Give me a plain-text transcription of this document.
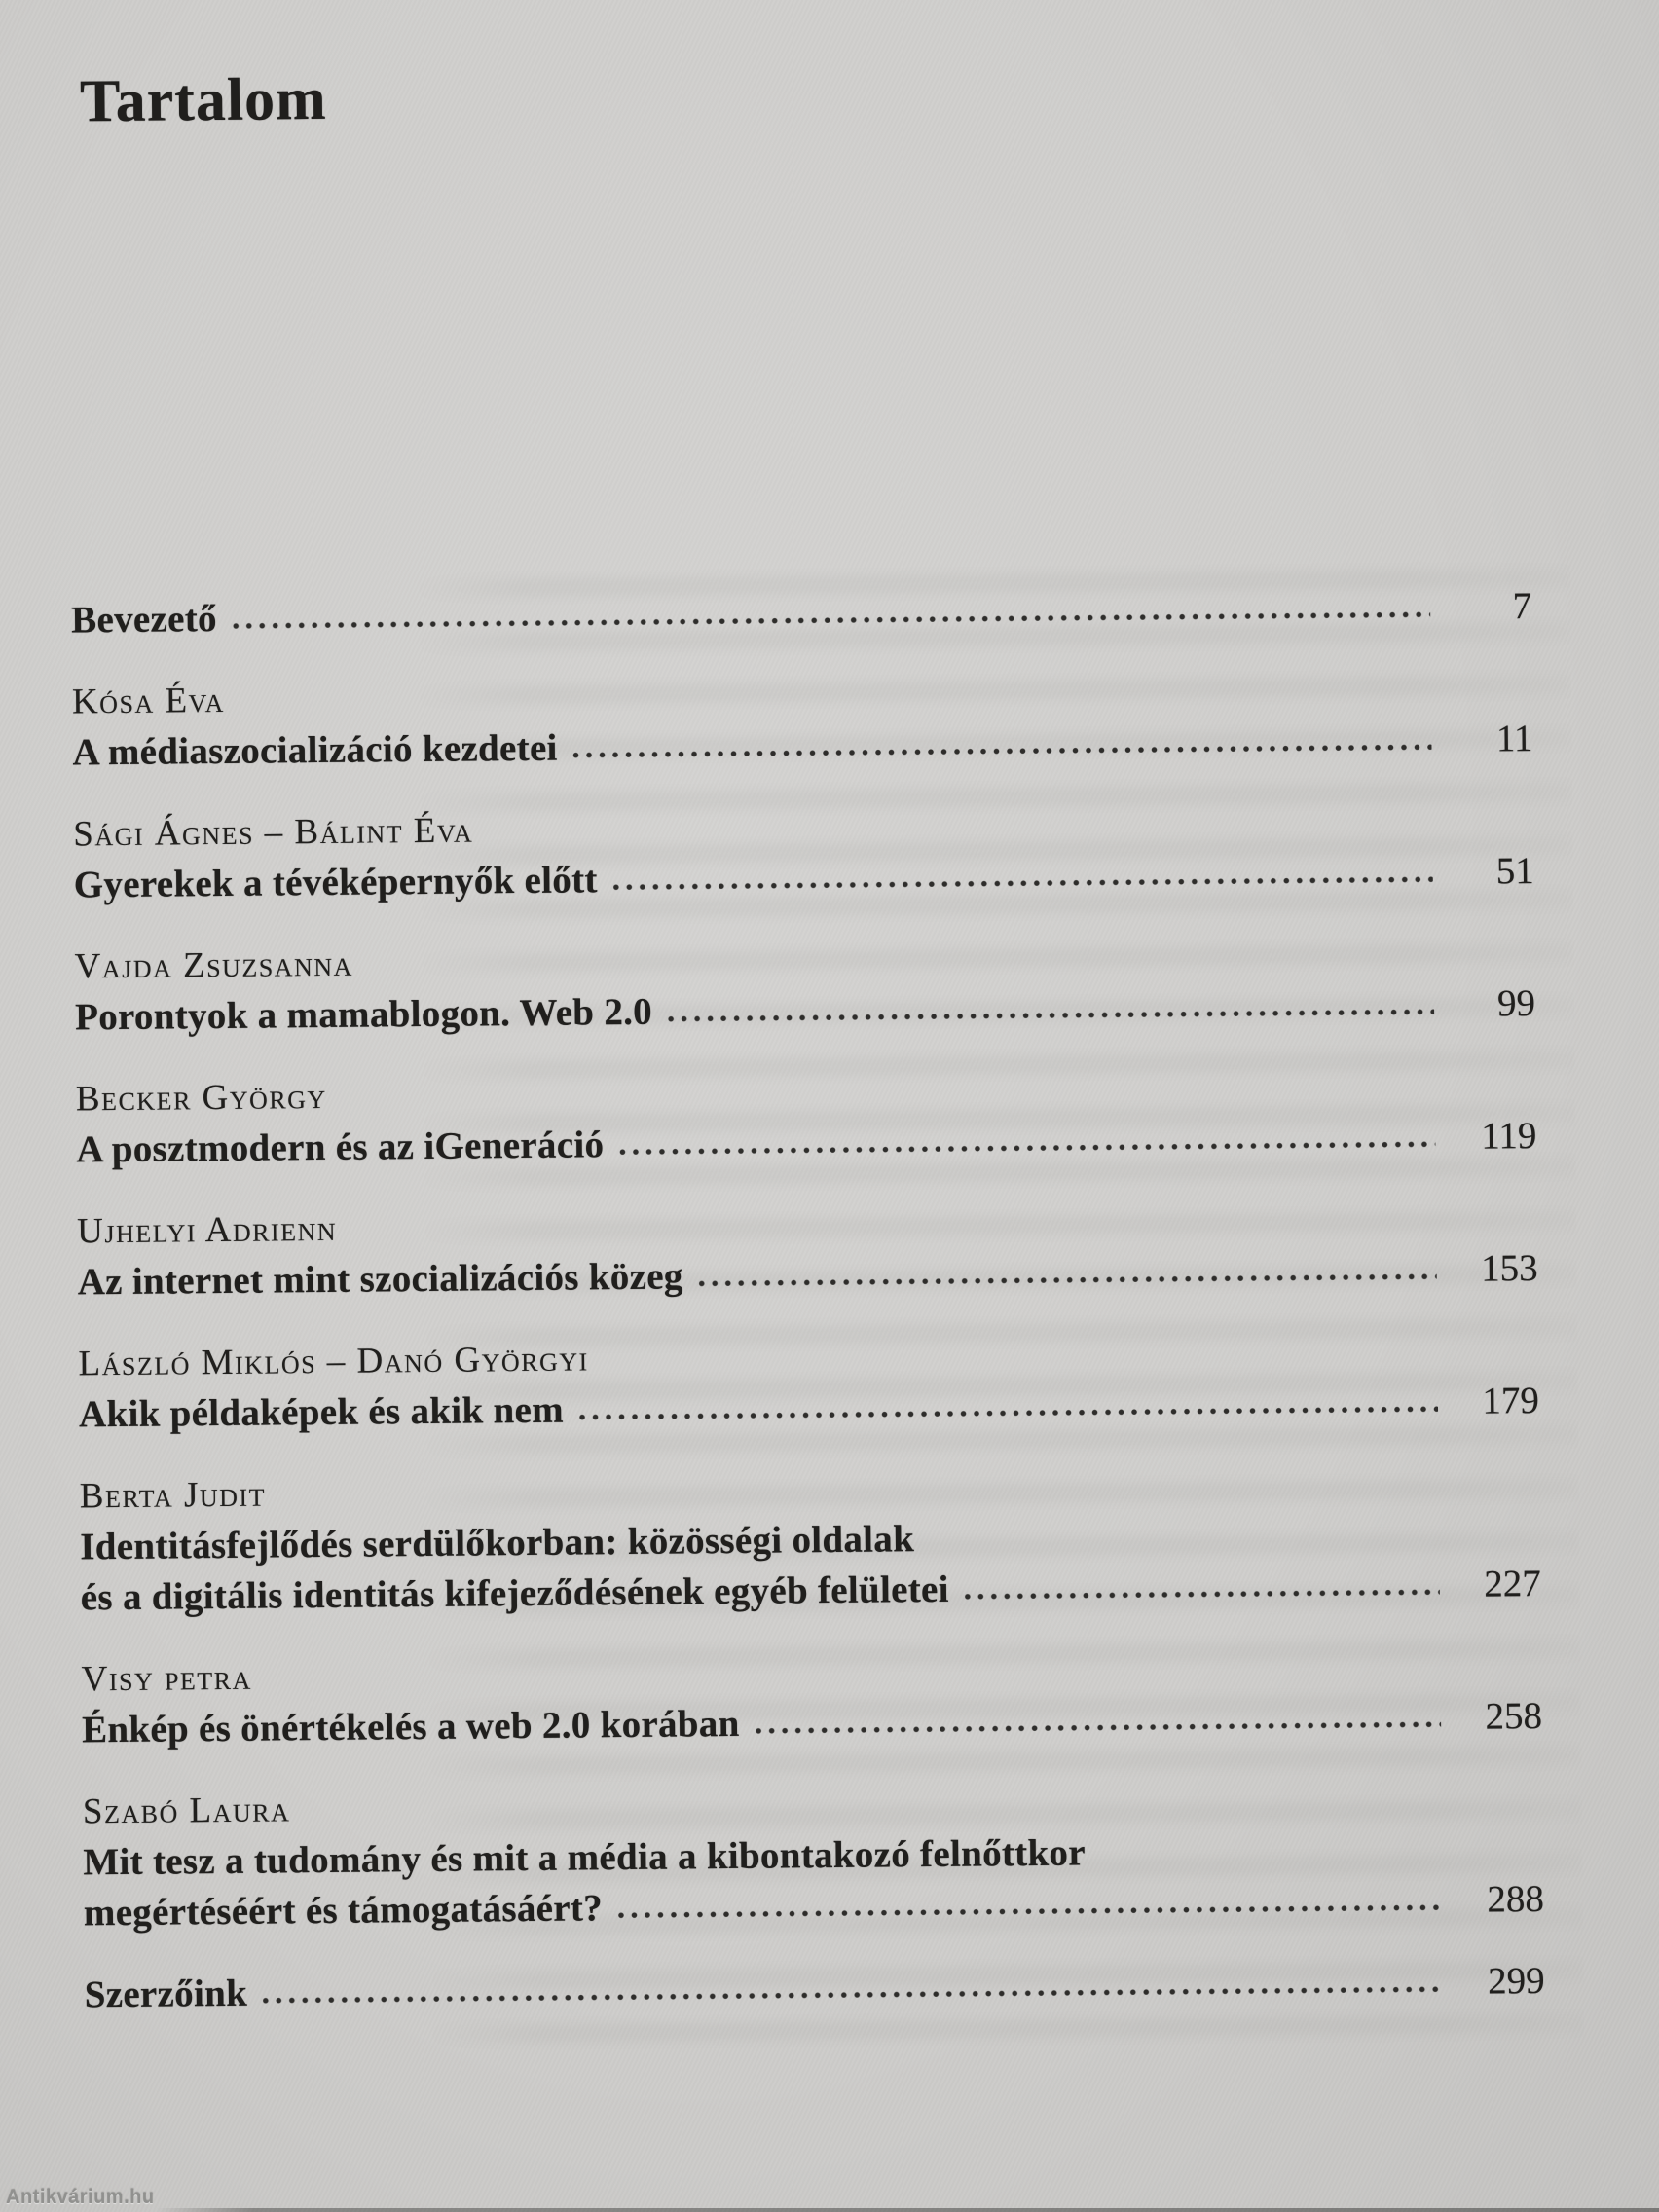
Tartalom
Bevezető	7
Kósa Éva
A médiaszocializáció kezdetei	11
Sági Ágnes – Bálint Éva
Gyerekek a tévéképernyők előtt	51
Vajda Zsuzsanna
Porontyok a mamablogon. Web 2.0	99
Becker György
A posztmodern és az iGeneráció	119
Ujhelyi Adrienn
Az internet mint szocializációs közeg	153
László Miklós – Danó Györgyi
Akik példaképek és akik nem	179
Berta Judit
Identitásfejlődés serdülőkorban: közösségi oldalak
és a digitális identitás kifejeződésének egyéb felületei	227
Visy petra
Énkép és önértékelés a web 2.0 korában	258
Szabó Laura
Mit tesz a tudomány és mit a média a kibontakozó felnőttkor
megértéséért és támogatásáért?	288
Szerzőink	299
Antikvárium.hu
